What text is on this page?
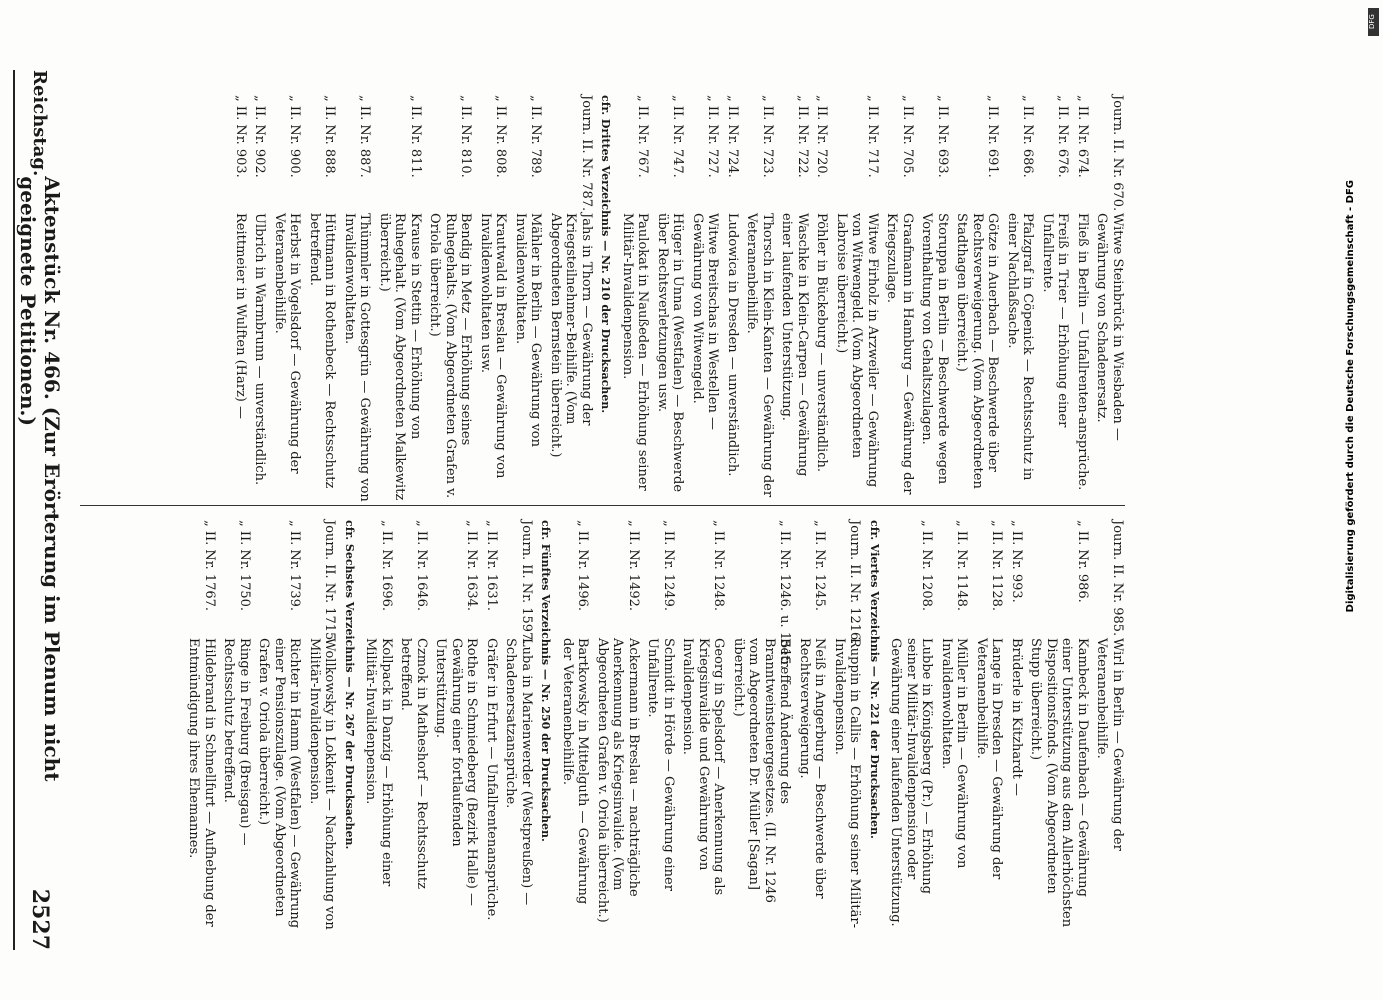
Digitalisierung gefördert durch die Deutsche Forschungsgemeinschaft - DFG
DFG
Reichstag.
Aktenstück Nr. 466. (Zur Erörterung im Plenum nicht geeignete Petitionen.)
2527
Journ. II. Nr. 670.
Witwe Steinbrück in Wiesbaden — Gewährung von Schadenersatz.
„ II. Nr. 674.
Fließ in Berlin — Unfallrenten-ansprüche.
„ II. Nr. 676.
Freiß in Trier — Erhöhung einer Unfallrente.
„ II. Nr. 686.
Pfalzgraf in Cöpenick — Rechtsschutz in einer Nachlaßsache.
„ II. Nr. 691.
Götze in Auerbach — Beschwerde über Rechtsverweigerung. (Vom Abgeordneten Stadthagen überreicht.)
„ II. Nr. 693.
Storuppa in Berlin — Beschwerde wegen Vorenthaltung von Gehaltszulagen.
„ II. Nr. 705.
Graafmann in Hamburg — Gewährung der Kriegszulage.
„ II. Nr. 717.
Witwe Firholz in Arzweiler — Gewährung von Witwengeld. (Vom Abgeordneten Labroise überreicht.)
„ II. Nr. 720.
Pöhler in Bückeburg — unverständlich.
„ II. Nr. 722.
Waschke in Klein-Carpen — Gewährung einer laufenden Unterstützung.
„ II. Nr. 723.
Thorsch in Klein-Kanten — Gewährung der Veteranenbeihilfe.
„ II. Nr. 724.
Ludowica in Dresden — unverständlich.
„ II. Nr. 727.
Witwe Breitschas in Westellen — Gewährung von Witwengeld.
„ II. Nr. 747.
Hüger in Unna (Westfalen) — Beschwerde über Rechtsverletzungen usw.
„ II. Nr. 767.
Paulokat in Naußeden — Erhöhung seiner Militär-Invalidenpension.
cfr. Drittes Verzeichnis — Nr. 210 der Drucksachen.
Journ. II. Nr. 787.
Jahs in Thorn — Gewährung der Kriegsteilnehmer-Beihilfe. (Vom Abgeordneten Bernstein überreicht.)
„ II. Nr. 789.
Mähler in Berlin — Gewährung von Invalidenwohltaten.
„ II. Nr. 808.
Krautwald in Breslau — Gewährung von Invalidenwohltaten usw.
„ II. Nr. 810.
Bendig in Metz — Erhöhung seines Ruhegehalts. (Vom Abgeordneten Grafen v. Oriola überreicht.)
„ II. Nr. 811.
Krause in Stettin — Erhöhung von Ruhegehalt. (Vom Abgeordneten Malkewitz überreicht.)
„ II. Nr. 887.
Thümmler in Gottesgrün — Gewährung von Invalidenwohltaten.
„ II. Nr. 888.
Hüttmann in Rothenbeck — Rechtsschutz betreffend.
„ II. Nr. 900.
Herbst in Vogelsdorf — Gewährung der Veteranenbeihilfe.
„ II. Nr. 902.
Ulbrich in Warmbrunn — unverständlich.
„ II. Nr. 903.
Reittmeier in Wulften (Harz) —
Journ. II. Nr. 985.
Wirl in Berlin — Gewährung der Veteranenbeihilfe.
„ II. Nr. 986.
Kambeck in Daufenbach — Gewährung einer Unterstützung aus dem Allerhöchsten Dispositionsfonds. (Vom Abgeordneten Stupp überreicht.)
„ II. Nr. 993.
Brüderle in Kitzhardt —
„ II. Nr. 1128.
Lange in Dresden — Gewährung der Veteranenbeihilfe.
„ II. Nr. 1148.
Müller in Berlin — Gewährung von Invalidenwohltaten.
„ II. Nr. 1208.
Lubbe in Königsberg (Pr.) — Erhöhung seiner Militär-Invalidenpension oder Gewährung einer laufenden Unterstützung.
cfr. Viertes Verzeichnis — Nr. 221 der Drucksachen.
Journ. II. Nr. 1216.
Ruppin in Callis — Erhöhung seiner Militär-Invalidenpension.
„ II. Nr. 1245.
Neiß in Angerburg — Beschwerde über Rechtsverweigerung.
„ II. Nr. 1246. u. 1515.
Betreffend Änderung des Branntweinsteuergesetzes. (II. Nr. 1246 vom Abgeordneten Dr. Müller [Sagan] überreicht.)
„ II. Nr. 1248.
Georg in Spelsdorf — Anerkennung als Kriegsinvalide und Gewährung von Invalidenpension.
„ II. Nr. 1249.
Schmidt in Hörde — Gewährung einer Unfallrente.
„ II. Nr. 1492.
Ackermann in Breslau — nachträgliche Anerkennung als Kriegsinvalide. (Vom Abgeordneten Grafen v. Oriola überreicht.)
„ II. Nr. 1496.
Bartkowsky in Mittelguth — Gewährung der Veteranenbeihilfe.
cfr. Fünftes Verzeichnis — Nr. 250 der Drucksachen.
Journ. II. Nr. 1597.
Luba in Marienwerder (Westpreußen) — Schadenersatzansprüche.
„ II. Nr. 1631.
Gräfer in Erfurt — Unfallrentenansprüche.
„ II. Nr. 1634.
Rothe in Schmiedeberg (Bezirk Halle) — Gewährung einer fortlaufenden Unterstützung.
„ II. Nr. 1646.
Czmok in Matheshorf — Rechtsschutz betreffend.
„ II. Nr. 1696.
Kollpack in Danzig — Erhöhung einer Militär-Invalidenpension.
cfr. Sechstes Verzeichnis — Nr. 267 der Drucksachen.
Journ. II. Nr. 1715.
Wollkowsky in Lokkenit — Nachzahlung von Militär-Invalidenpension.
„ II. Nr. 1739.
Richter in Hamm (Westfalen) — Gewährung einer Pensionszulage. (Vom Abgeordneten Grafen v. Oriola überreicht.)
„ II. Nr. 1750.
Ringe in Freiburg (Breisgau) — Rechtsschutz betreffend.
„ II. Nr. 1767.
Hildebrand in Schnellfurt — Aufhebung der Entmündigung ihres Ehemannes.
